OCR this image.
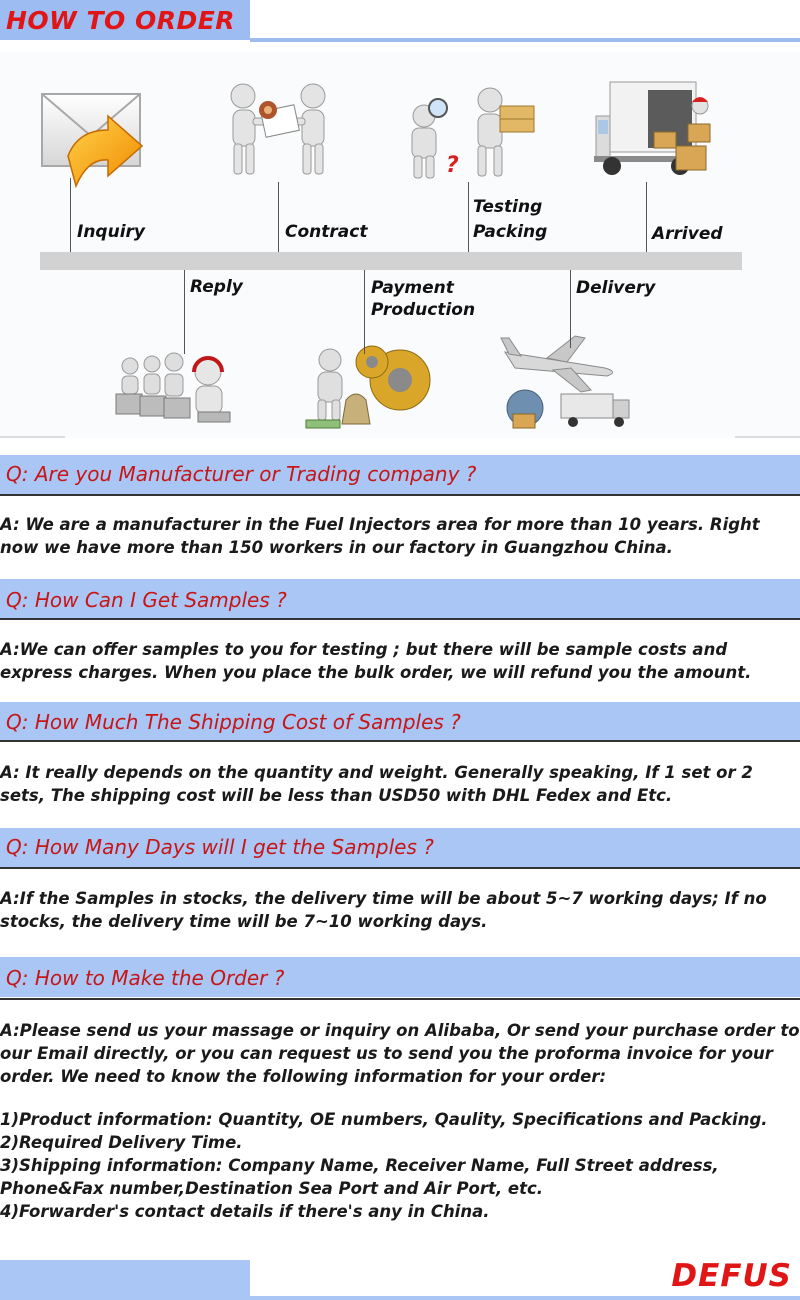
HOW TO ORDER
?
Inquiry	Contract
Testing
Packing	Arrived
Reply	Payment
Production
Delivery
Q: Are you Manufacturer or Trading company ?

A: We are a manufacturer in the Fuel Injectors area for more than 10 years. Right now we have more than 150 workers in our factory in Guangzhou China.

Q: How Can I Get Samples ?

A:We can offer samples to you for testing ; but there will be sample costs and express charges. When you place the bulk order, we will refund you the amount.

Q: How Much The Shipping Cost of Samples ?

A: It really depends on the quantity and weight. Generally speaking, If 1 set or 2 sets, The shipping cost will be less than USD50 with DHL Fedex and Etc.

Q: How Many Days will I get the Samples ?

A:If the Samples in stocks, the delivery time will be about 5~7 working days; If no stocks, the delivery time will be 7~10 working days.

Q: How to Make the Order ?

A:Please send us your massage or inquiry on Alibaba, Or send your purchase order to our Email directly, or you can request us to send you the proforma invoice for your order. We need to know the following information for your order:

1)Product information: Quantity, OE numbers, Qaulity, Specifications and Packing.

2)Required Delivery Time.

3)Shipping information: Company Name, Receiver Name, Full Street address, Phone&Fax number,Destination Sea Port and Air Port, etc.

4)Forwarder's contact details if there's any in China.

DEFUS
